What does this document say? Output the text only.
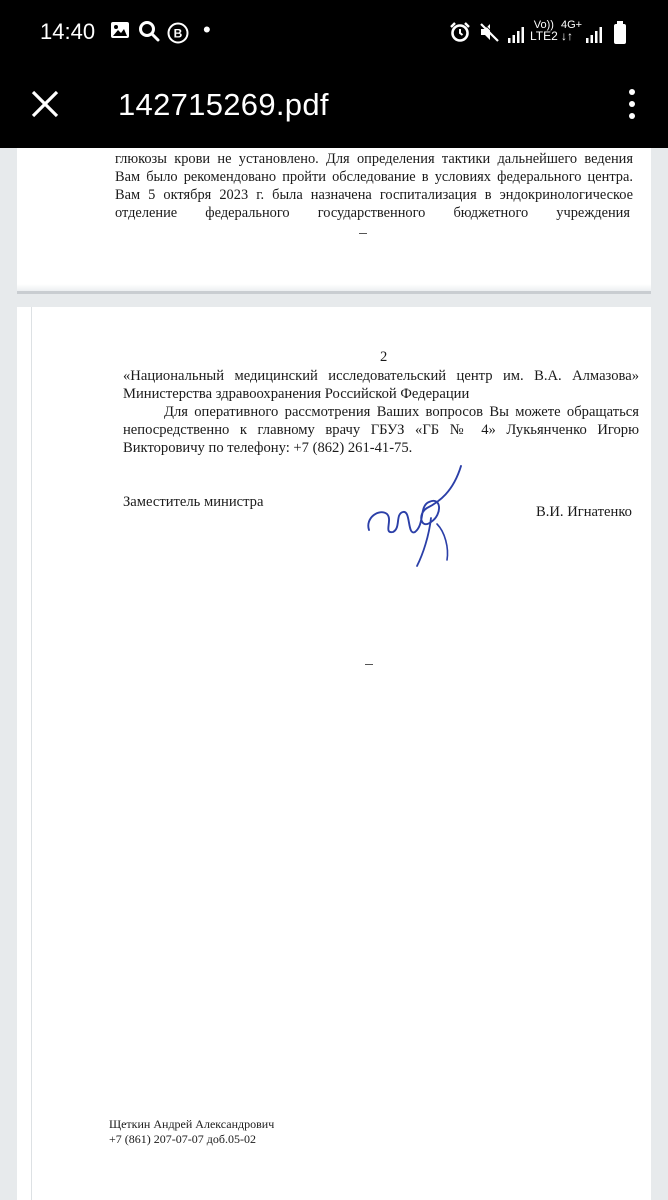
14:40	B •	Vo))
LTE2
4G+
↓↑
142715269.pdf
глюкозы крови не установлено. Для определения тактики дальнейшего ведения
Вам было рекомендовано пройти обследование в условиях федерального центра.
Вам 5 октября 2023 г. была назначена госпитализация в эндокринологическое
отделение федерального государственного бюджетного учреждения
2
«Национальный медицинский исследовательский центр им. В.А. Алмазова»
Министерства здравоохранения Российской Федерации
Для оперативного рассмотрения Ваших вопросов Вы можете обращаться
непосредственно к главному врачу ГБУЗ «ГБ № 4» Лукьянченко Игорю
Викторовичу по телефону: +7 (862) 261-41-75.
Заместитель министра
В.И. Игнатенко
Щеткин Андрей Александрович
+7 (861) 207-07-07 доб.05-02
